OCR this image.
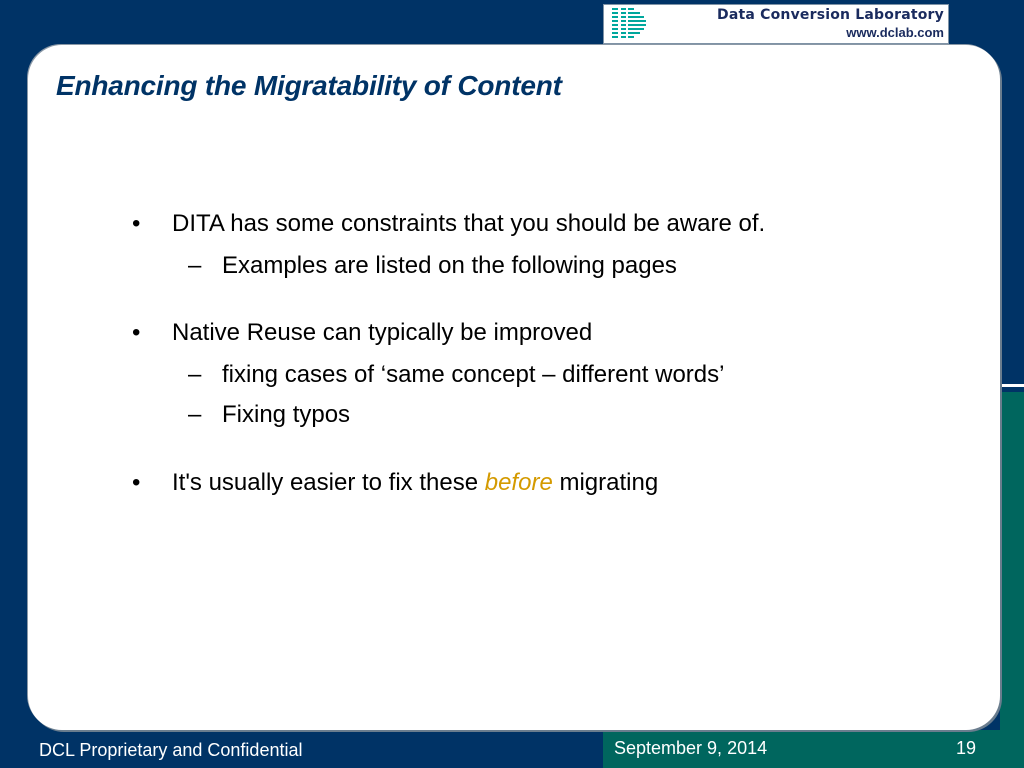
Data Conversion Laboratory
www.dclab.com
Enhancing the Migratability of Content
• DITA has some constraints that you should be aware of.
– Examples are listed on the following pages
• Native Reuse can typically be improved
– fixing cases of ‘same concept – different words’
– Fixing typos
• It's usually easier to fix these before migrating
DCL Proprietary and Confidential	September 9, 2014	19
